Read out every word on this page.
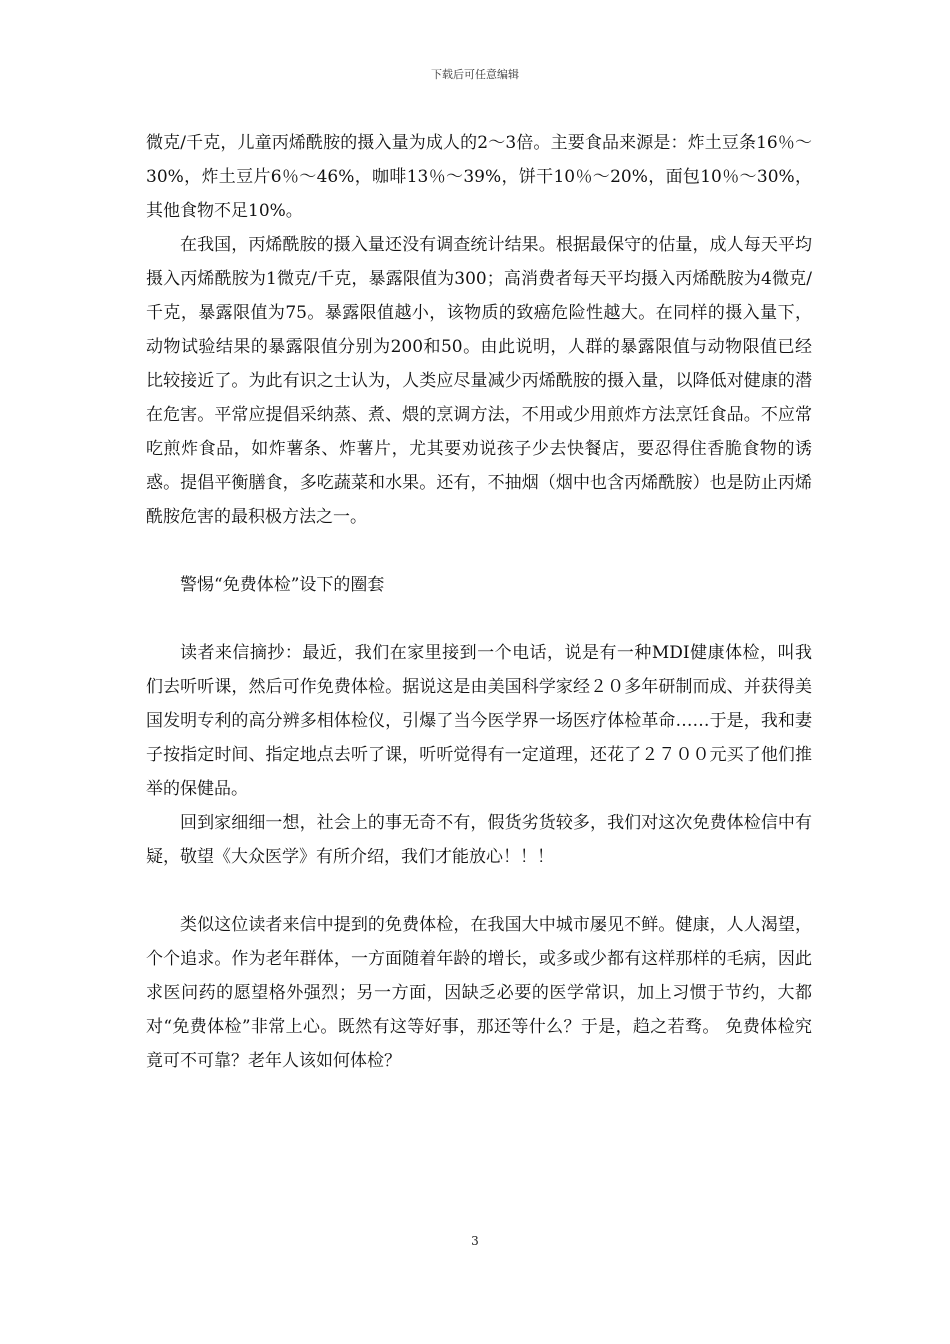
下载后可任意编辑

微克/千克，儿童丙烯酰胺的摄入量为成人的2～3倍。主要食品来源是：炸土豆条16％～30%，炸土豆片6％～46%，咖啡13％～39%，饼干10％～20%，面包10％～30%，其他食物不足10%。

在我国，丙烯酰胺的摄入量还没有调查统计结果。根据最保守的估量，成人每天平均摄入丙烯酰胺为1微克/千克，暴露限值为300；高消费者每天平均摄入丙烯酰胺为4微克/千克，暴露限值为75。暴露限值越小，该物质的致癌危险性越大。在同样的摄入量下，动物试验结果的暴露限值分别为200和50。由此说明，人群的暴露限值与动物限值已经比较接近了。为此有识之士认为，人类应尽量减少丙烯酰胺的摄入量，以降低对健康的潜在危害。平常应提倡采纳蒸、煮、煨的烹调方法，不用或少用煎炸方法烹饪食品。不应常吃煎炸食品，如炸薯条、炸薯片，尤其要劝说孩子少去快餐店，要忍得住香脆食物的诱惑。提倡平衡膳食，多吃蔬菜和水果。还有，不抽烟（烟中也含丙烯酰胺）也是防止丙烯酰胺危害的最积极方法之一。

警惕“免费体检”设下的圈套

读者来信摘抄：最近，我们在家里接到一个电话，说是有一种MDI健康体检，叫我们去听听课，然后可作免费体检。据说这是由美国科学家经２０多年研制而成、并获得美国发明专利的高分辨多相体检仪，引爆了当今医学界一场医疗体检革命……于是，我和妻子按指定时间、指定地点去听了课，听听觉得有一定道理，还花了２７００元买了他们推举的保健品。

回到家细细一想，社会上的事无奇不有，假货劣货较多，我们对这次免费体检信中有疑，敬望《大众医学》有所介绍，我们才能放心！！！

类似这位读者来信中提到的免费体检，在我国大中城市屡见不鲜。健康，人人渴望，个个追求。作为老年群体，一方面随着年龄的增长，或多或少都有这样那样的毛病，因此求医问药的愿望格外强烈；另一方面，因缺乏必要的医学常识，加上习惯于节约，大都对“免费体检”非常上心。既然有这等好事，那还等什么？于是，趋之若骛。 免费体检究竟可不可靠？老年人该如何体检？

3
